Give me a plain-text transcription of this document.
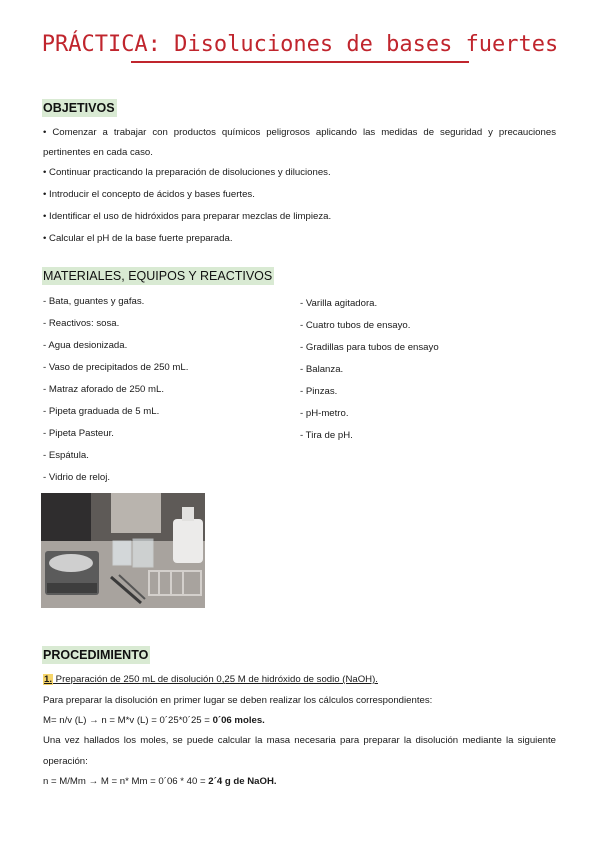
PRÁCTICA: Disoluciones de bases fuertes
OBJETIVOS
• Comenzar a trabajar con productos químicos peligrosos aplicando las medidas de seguridad y precauciones
pertinentes en cada caso.
• Continuar practicando la preparación de disoluciones y diluciones.
• Introducir el concepto de ácidos y bases fuertes.
• Identificar el uso de hidróxidos para preparar mezclas de limpieza.
• Calcular el pH de la base fuerte preparada.
MATERIALES, EQUIPOS Y REACTIVOS
- Bata, guantes y gafas.
- Reactivos: sosa.
- Agua desionizada.
- Vaso de precipitados de 250 mL.
- Matraz aforado de 250 mL.
- Pipeta graduada de 5 mL.
- Pipeta Pasteur.
- Espátula.
- Vidrio de reloj.
- Varilla agitadora.
- Cuatro tubos de ensayo.
- Gradillas para tubos de ensayo
- Balanza.
- Pinzas.
- pH-metro.
- Tira de pH.
PROCEDIMIENTO
1. Preparación de 250 mL de disolución 0,25 M de hidróxido de sodio (NaOH).
Para preparar la disolución en primer lugar se deben realizar los cálculos correspondientes:
M= n/v (L) → n = M*v (L) = 0´25*0´25 = 0´06 moles.
Una vez hallados los moles, se puede calcular la masa necesaria para preparar la disolución mediante la siguiente
operación:
n = M/Mm → M = n* Mm = 0´06 * 40 = 2´4 g de NaOH.
